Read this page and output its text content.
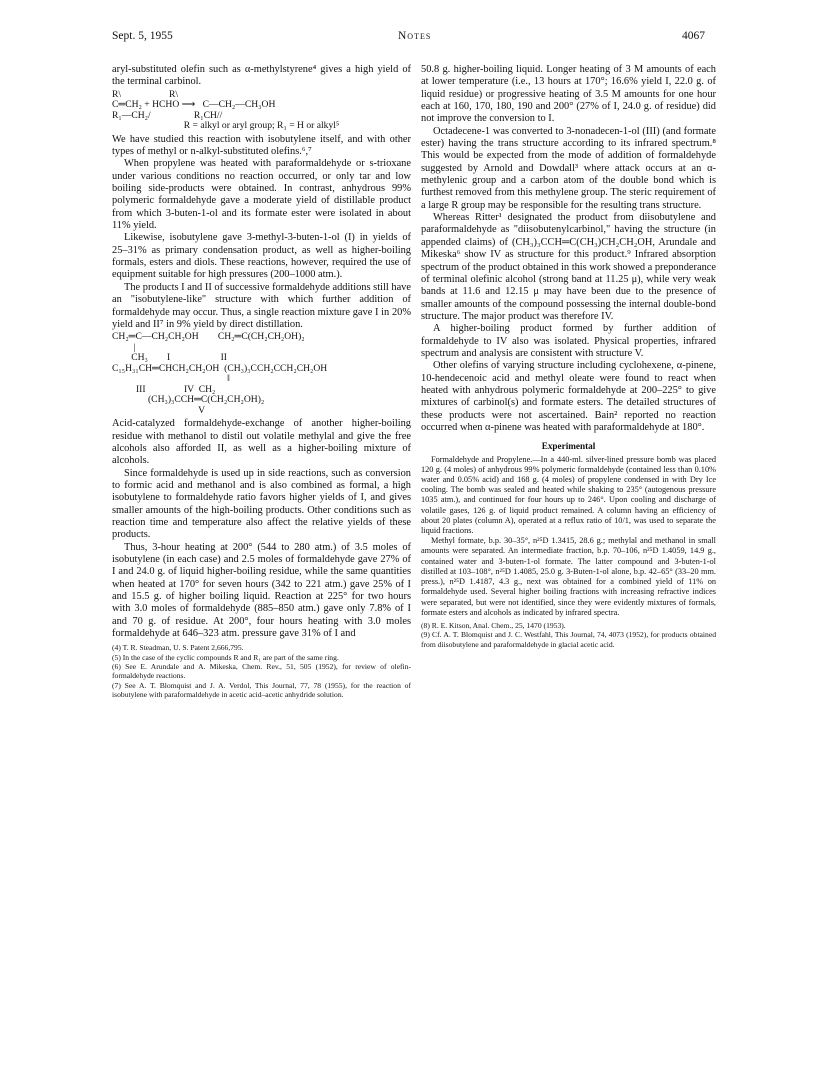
Sept. 5, 1955	Notes	4067

aryl-substituted olefin such as α-methylstyrene⁴ gives a high yield of the terminal carbinol.

R\                    R\
C═CH₂ + HCHO ⟶   C—CH₂—CH₃OH
R₁—CH₂/                  R₁CH//
R = alkyl or aryl group; R₁ = H or alkyl⁵

We have studied this reaction with isobutylene itself, and with other types of methyl or n-alkyl-substituted olefins.⁶,⁷

When propylene was heated with paraformaldehyde or s-trioxane under various conditions no reaction occurred, or only tar and low boiling side-products were obtained. In contrast, anhydrous 99% polymeric formaldehyde gave a moderate yield of distillable product from which 3-buten-1-ol and its formate ester were isolated in about 11% yield.

Likewise, isobutylene gave 3-methyl-3-buten-1-ol (I) in yields of 25–31% as primary condensation product, as well as higher-boiling formals, esters and diols. These reactions, however, required the use of equipment suitable for high pressures (200–1000 atm.).

The products I and II of successive formaldehyde additions still have an "isobutylene-like" structure with which further addition of formaldehyde may occur. Thus, a single reaction mixture gave I in 20% yield and II⁷ in 9% yield by direct distillation.

CH₂═C—CH₂CH₂OH        CH₂═C(CH₂CH₂OH)₂
|
CH₃        I                     II
C₁₅H₃₁CH═CHCH₂CH₂OH  (CH₃)₃CCH₂CCH₂CH₂OH
‖
III                IV  CH₂
(CH₃)₃CCH═C(CH₂CH₂OH)₂
V

Acid-catalyzed formaldehyde-exchange of another higher-boiling residue with methanol to distil out volatile methylal and give the free alcohols also afforded II, as well as a higher-boiling mixture of alcohols.

Since formaldehyde is used up in side reactions, such as conversion to formic acid and methanol and is also combined as formal, a high isobutylene to formaldehyde ratio favors higher yields of I, and gives smaller amounts of the high-boiling products. Other conditions such as reaction time and temperature also affect the relative yields of these products.

Thus, 3-hour heating at 200° (544 to 280 atm.) of 3.5 moles of isobutylene (in each case) and 2.5 moles of formaldehyde gave 27% of I and 24.0 g. of liquid higher-boiling residue, while the same quantities when heated at 170° for seven hours (342 to 221 atm.) gave 25% of I and 15.5 g. of higher boiling liquid. Reaction at 225° for two hours with 3.0 moles of formaldehyde (885–850 atm.) gave only 7.8% of I and 70 g. of residue. At 200°, four hours heating with 3.0 moles formaldehyde at 646–323 atm. pressure gave 31% of I and

(4) T. R. Steadman, U. S. Patent 2,666,795.

(5) In the case of the cyclic compounds R and R₁ are part of the same ring.

(6) See E. Arundale and A. Mikeska, Chem. Rev., 51, 505 (1952), for review of olefin-formaldehyde reactions.

(7) See A. T. Blomquist and J. A. Verdol, This Journal, 77, 78 (1955), for the reaction of isobutylene with paraformaldehyde in acetic acid–acetic anhydride solution.

50.8 g. higher-boiling liquid. Longer heating of 3 M amounts of each at lower temperature (i.e., 13 hours at 170°; 16.6% yield I, 22.0 g. of liquid residue) or progressive heating of 3.5 M amounts for one hour each at 160, 170, 180, 190 and 200° (27% of I, 24.0 g. of residue) did not improve the conversion to I.

Octadecene-1 was converted to 3-nonadecen-1-ol (III) (and formate ester) having the trans structure according to its infrared spectrum.⁸ This would be expected from the mode of addition of formaldehyde suggested by Arnold and Dowdall³ where attack occurs at an α-methylenic group and a carbon atom of the double bond which is furthest removed from this methylene group. The steric requirement of a large R group may be responsible for the resulting trans structure.

Whereas Ritter¹ designated the product from diisobutylene and paraformaldehyde as "diisobutenylcarbinol," having the structure (in appended claims) of (CH₃)₃CCH═C(CH₃)CH₂CH₂OH, Arundale and Mikeska⁶ show IV as structure for this product.⁹ Infrared absorption spectrum of the product obtained in this work showed a preponderance of terminal olefinic alcohol (strong band at 11.25 μ), while very weak bands at 11.6 and 12.15 μ may have been due to the presence of smaller amounts of the compound possessing the internal double-bond structure. The major product was therefore IV.

A higher-boiling product formed by further addition of formaldehyde to IV also was isolated. Physical properties, infrared spectrum and analysis are consistent with structure V.

Other olefins of varying structure including cyclohexene, α-pinene, 10-hendecenoic acid and methyl oleate were found to react when heated with anhydrous polymeric formaldehyde at 200–225° to give mixtures of carbinol(s) and formate esters. The detailed structures of these products were not ascertained. Bain² reported no reaction occurred when α-pinene was heated with paraformaldehyde at 180°.

Experimental

Formaldehyde and Propylene.—In a 440-ml. silver-lined pressure bomb was placed 120 g. (4 moles) of anhydrous 99% polymeric formaldehyde (contained less than 0.10% water and 0.05% acid) and 168 g. (4 moles) of propylene condensed in with Dry Ice cooling. The bomb was sealed and heated while shaking to 235° (autogenous pressure 1035 atm.), and continued for four hours up to 246°. Upon cooling and discharge of volatile gases, 126 g. of liquid product remained. A column having an efficiency of about 20 plates (column A), operated at a reflux ratio of 10/1, was used to separate the liquid fractions.

Methyl formate, b.p. 30–35°, n²⁵D 1.3415, 28.6 g.; methylal and methanol in small amounts were separated. An intermediate fraction, b.p. 70–106, n²⁵D 1.4059, 14.9 g., contained water and 3-buten-1-ol formate. The latter compound and 3-buten-1-ol distilled at 103–108°, n²⁵D 1.4085, 25.0 g. 3-Buten-1-ol alone, b.p. 42–65° (33–20 mm. press.), n²⁵D 1.4187, 4.3 g., next was obtained for a combined yield of 11% on formaldehyde used. Several higher boiling fractions with increasing refractive indices were separated, but were not identified, since they were evidently mixtures of formals, formate esters and alcohols as indicated by infrared spectra.

(8) R. E. Kitson, Anal. Chem., 25, 1470 (1953).

(9) Cf. A. T. Blomquist and J. C. Westfahl, This Journal, 74, 4073 (1952), for products obtained from diisobutylene and paraformaldehyde in glacial acetic acid.
